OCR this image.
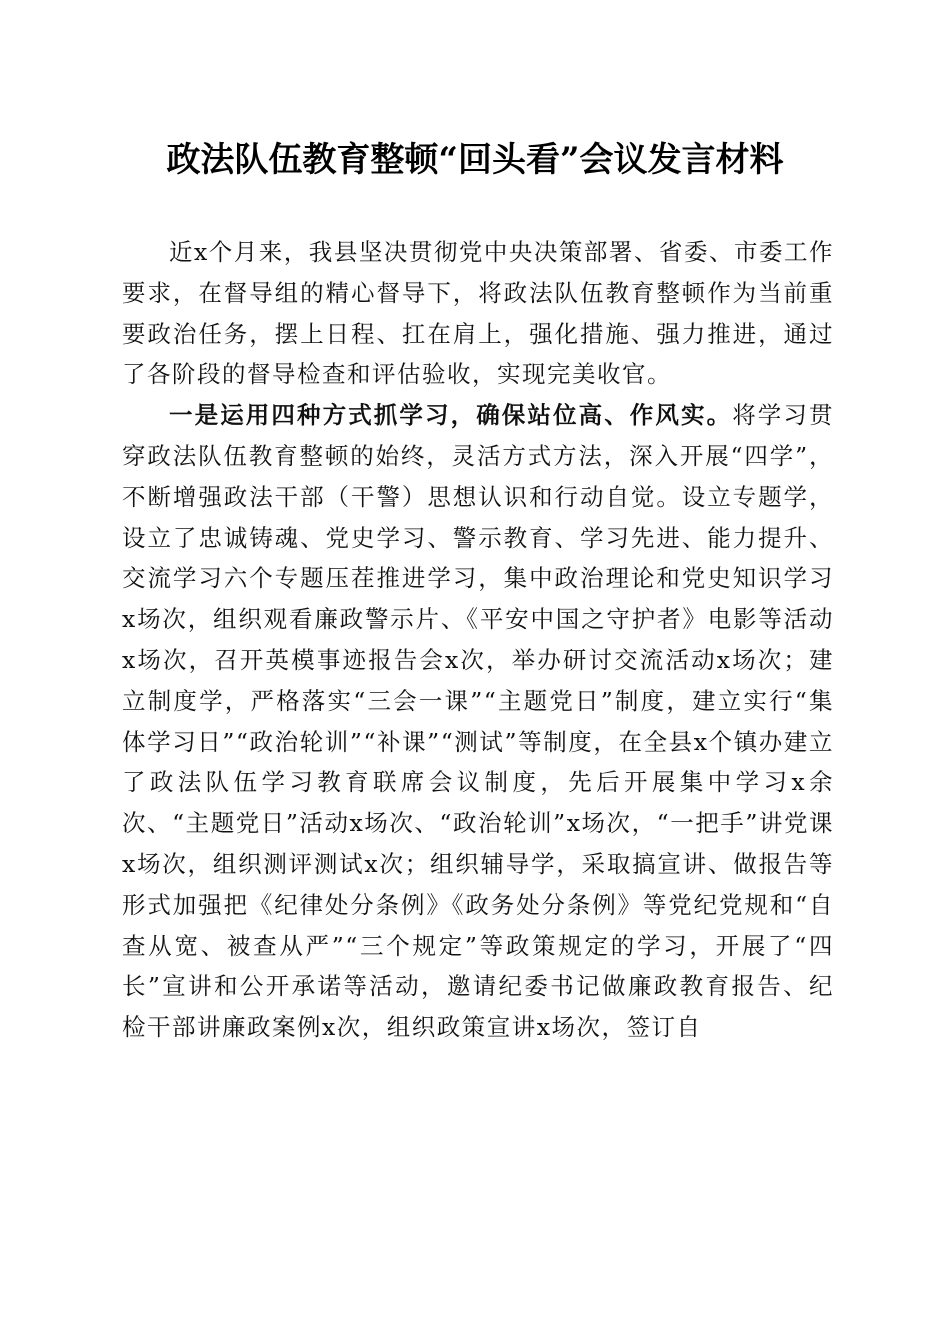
政法队伍教育整顿“回头看”会议发言材料

近x个月来，我县坚决贯彻党中央决策部署、省委、市委工作要求，在督导组的精心督导下，将政法队伍教育整顿作为当前重要政治任务，摆上日程、扛在肩上，强化措施、强力推进，通过了各阶段的督导检查和评估验收，实现完美收官。

一是运用四种方式抓学习，确保站位高、作风实。将学习贯穿政法队伍教育整顿的始终，灵活方式方法，深入开展“四学”，不断增强政法干部（干警）思想认识和行动自觉。设立专题学，设立了忠诚铸魂、党史学习、警示教育、学习先进、能力提升、交流学习六个专题压茬推进学习，集中政治理论和党史知识学习x场次，组织观看廉政警示片、《平安中国之守护者》电影等活动x场次，召开英模事迹报告会x次，举办研讨交流活动x场次；建立制度学，严格落实“三会一课”“主题党日”制度，建立实行“集体学习日”“政治轮训”“补课”“测试”等制度，在全县x个镇办建立了政法队伍学习教育联席会议制度，先后开展集中学习x余次、“主题党日”活动x场次、“政治轮训”x场次，“一把手”讲党课x场次，组织测评测试x次；组织辅导学，采取搞宣讲、做报告等形式加强把《纪律处分条例》《政务处分条例》等党纪党规和“自查从宽、被查从严”“三个规定”等政策规定的学习，开展了“四长”宣讲和公开承诺等活动，邀请纪委书记做廉政教育报告、纪检干部讲廉政案例x次，组织政策宣讲x场次，签订自
